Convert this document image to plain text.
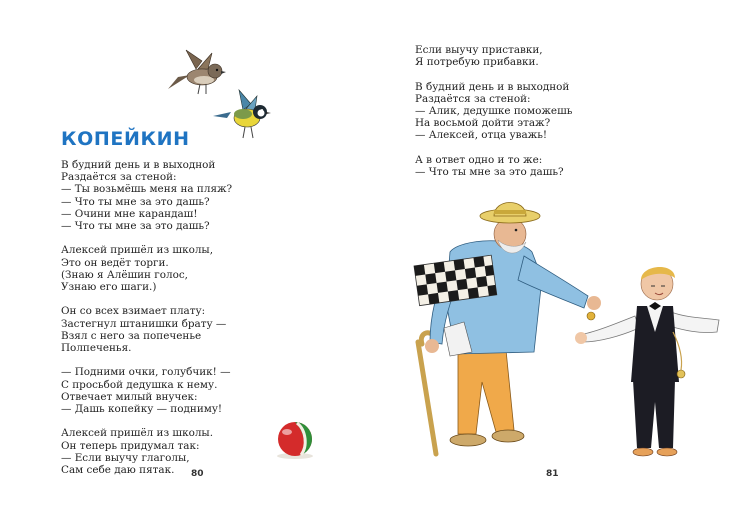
КОПЕЙКИН
В будний день и в выходной
Раздаётся за стеной:
— Ты возьмёшь меня на пляж?
— Что ты мне за это дашь?
— Очини мне карандаш!
— Что ты мне за это дашь?
Алексей пришёл из школы,
Это он ведёт торги.
(Знаю я Алёшин голос,
Узнаю его шаги.)
Он со всех взимает плату:
Застегнул штанишки брату —
Взял с него за попеченье
Полпеченья.
— Подними очки, голубчик! —
С просьбой дедушка к нему.
Отвечает милый внучек:
— Дашь копейку — подниму!
Алексей пришёл из школы.
Он теперь придумал так:
— Если выучу глаголы,
Сам себе даю пятак.	80
Если выучу приставки,
Я потребую прибавки.
В будний день и в выходной
Раздаётся за стеной:
— Алик, дедушке поможешь
На восьмой дойти этаж?
— Алексей, отца уважь!
А в ответ одно и то же:
— Что ты мне за это дашь?
81
